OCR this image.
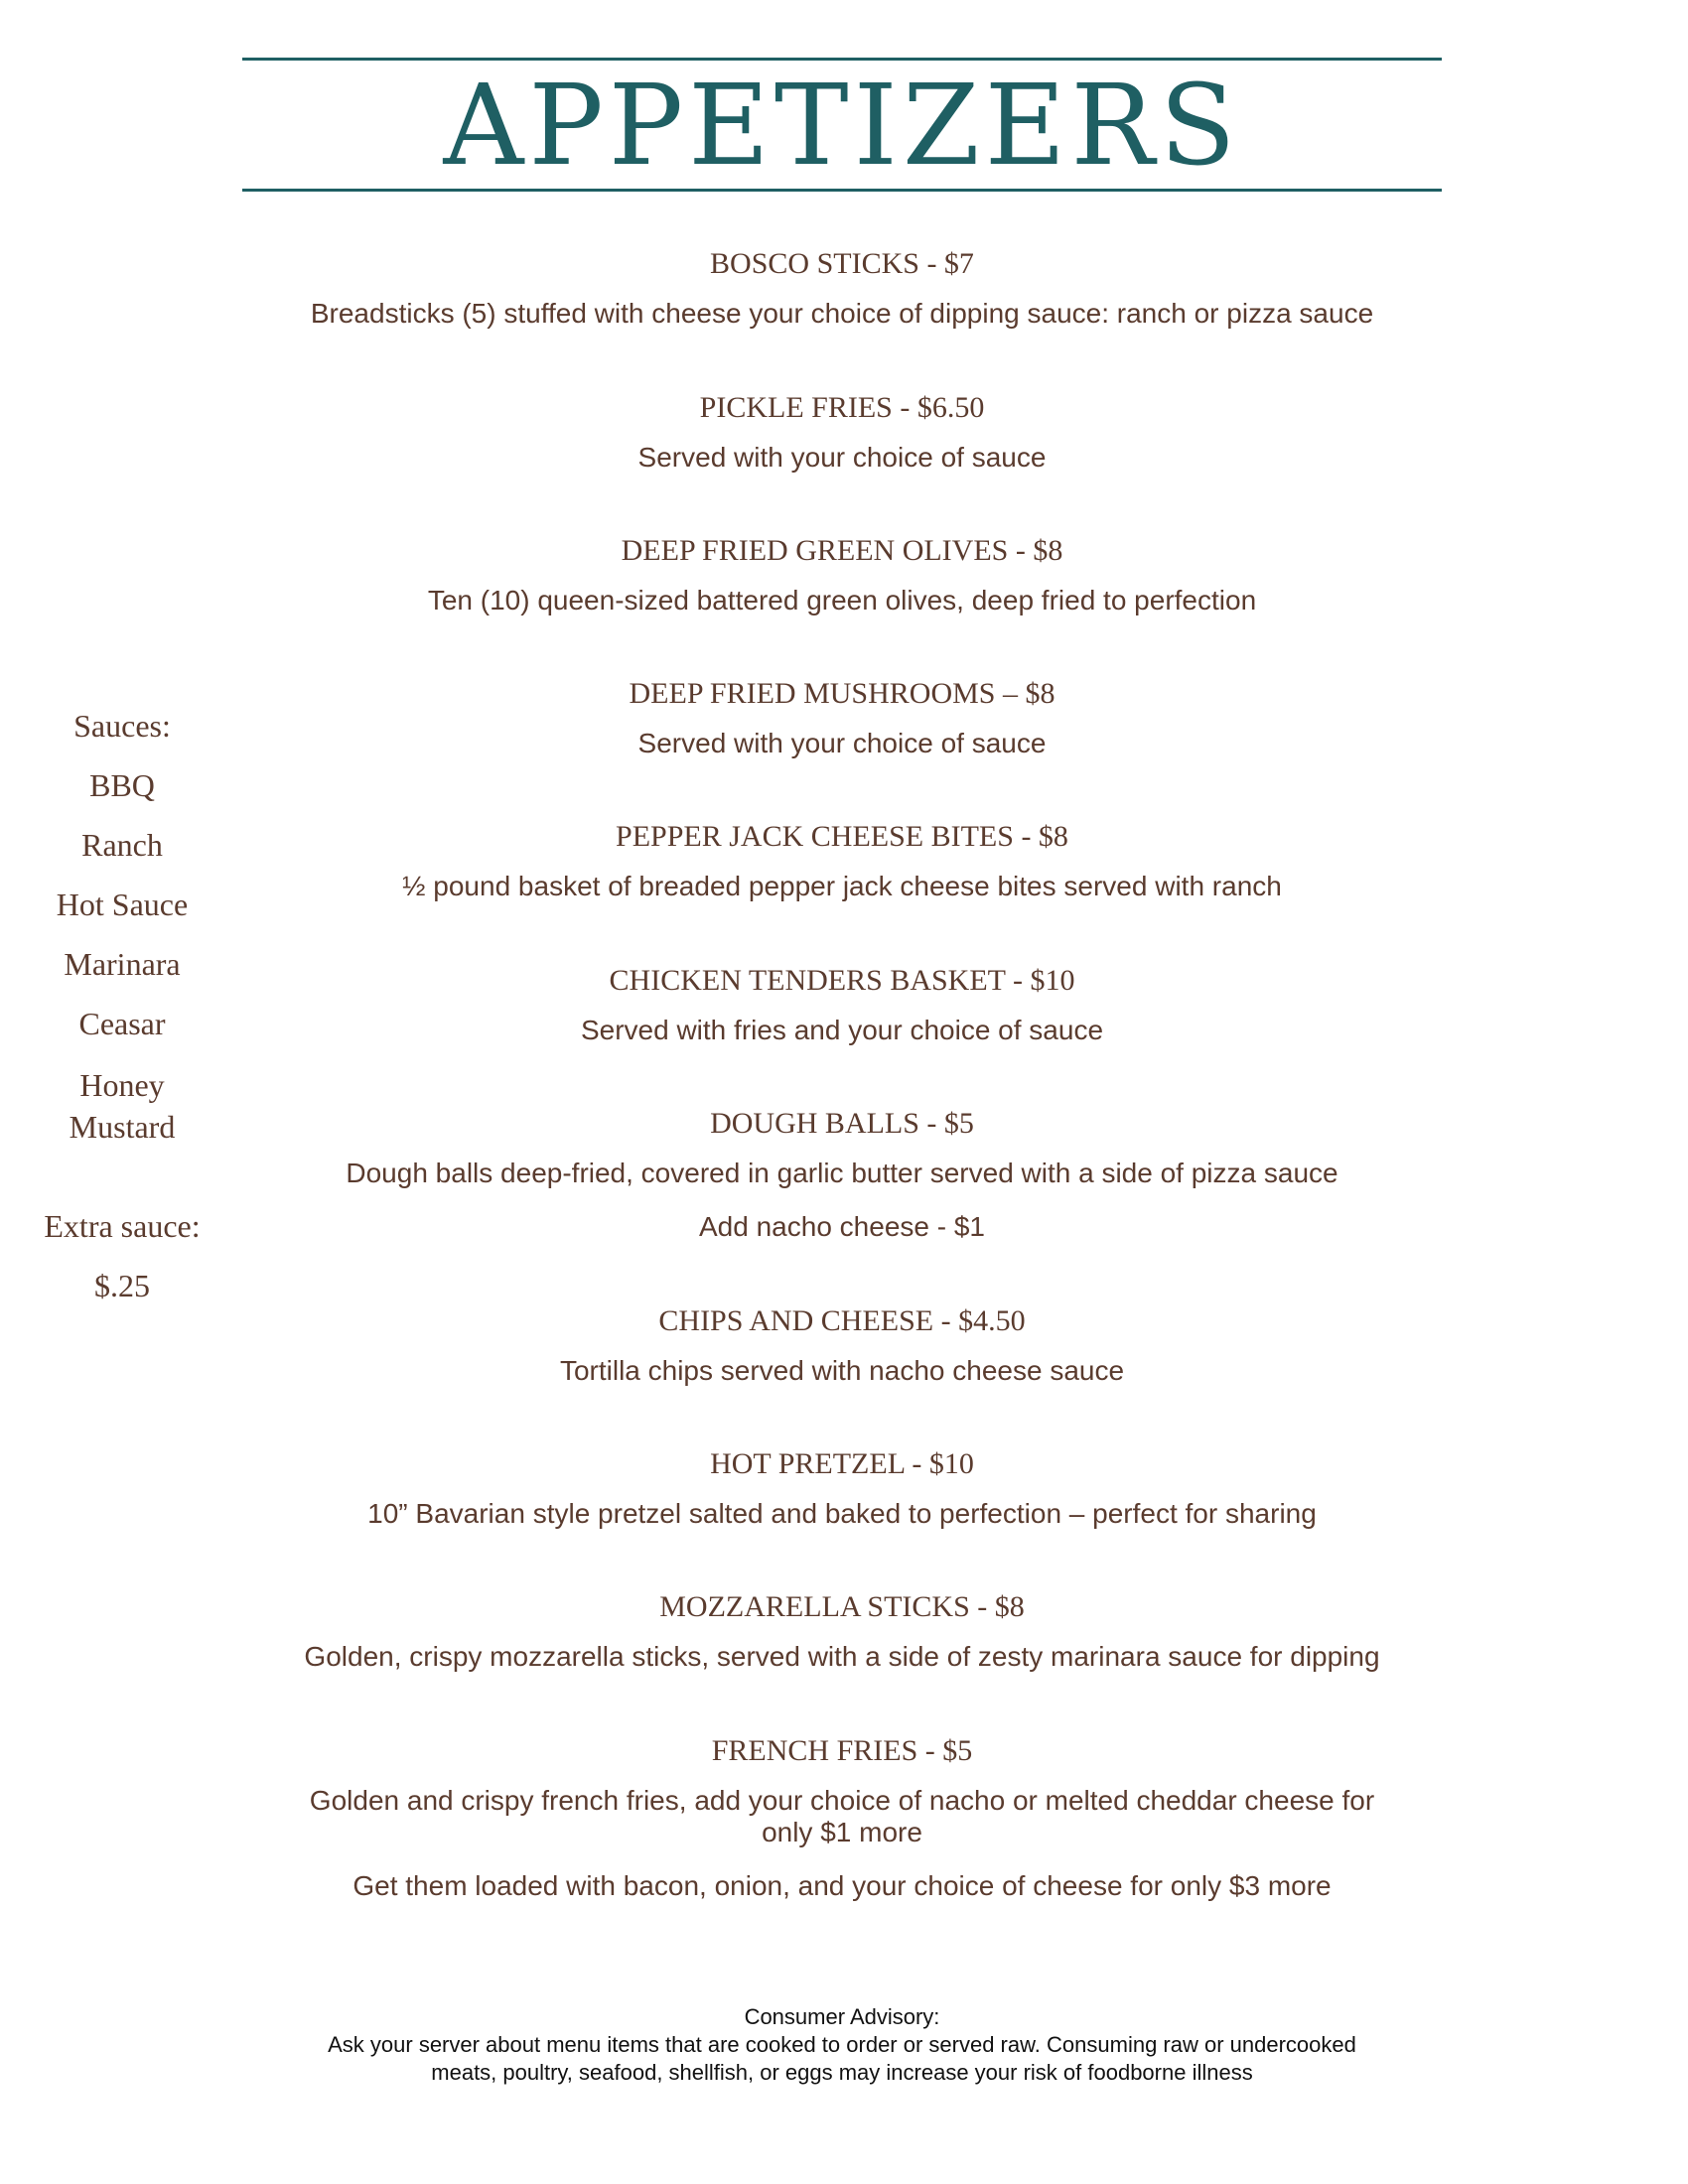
APPETIZERS
BOSCO STICKS - $7
Breadsticks (5) stuffed with cheese your choice of dipping sauce: ranch or pizza sauce
PICKLE FRIES - $6.50
Served with your choice of sauce
DEEP FRIED GREEN OLIVES - $8
Ten (10) queen-sized battered green olives, deep fried to perfection
DEEP FRIED MUSHROOMS – $8
Served with your choice of sauce
PEPPER JACK CHEESE BITES - $8
½ pound basket of breaded pepper jack cheese bites served with ranch
CHICKEN TENDERS BASKET - $10
Served with fries and your choice of sauce
DOUGH BALLS - $5
Dough balls deep-fried, covered in garlic butter served with a side of pizza sauce
Add nacho cheese - $1
CHIPS AND CHEESE - $4.50
Tortilla chips served with nacho cheese sauce
HOT PRETZEL - $10
10” Bavarian style pretzel salted and baked to perfection – perfect for sharing
MOZZARELLA STICKS - $8
Golden, crispy mozzarella sticks, served with a side of zesty marinara sauce for dipping
FRENCH FRIES - $5
Golden and crispy french fries, add your choice of nacho or melted cheddar cheese for only $1 more
Get them loaded with bacon, onion, and your choice of cheese for only $3 more
Sauces:
BBQ
Ranch
Hot Sauce
Marinara
Ceasar
Honey Mustard
Extra sauce:
$.25
Consumer Advisory:
Ask your server about menu items that are cooked to order or served raw. Consuming raw or undercooked
meats, poultry, seafood, shellfish, or eggs may increase your risk of foodborne illness
